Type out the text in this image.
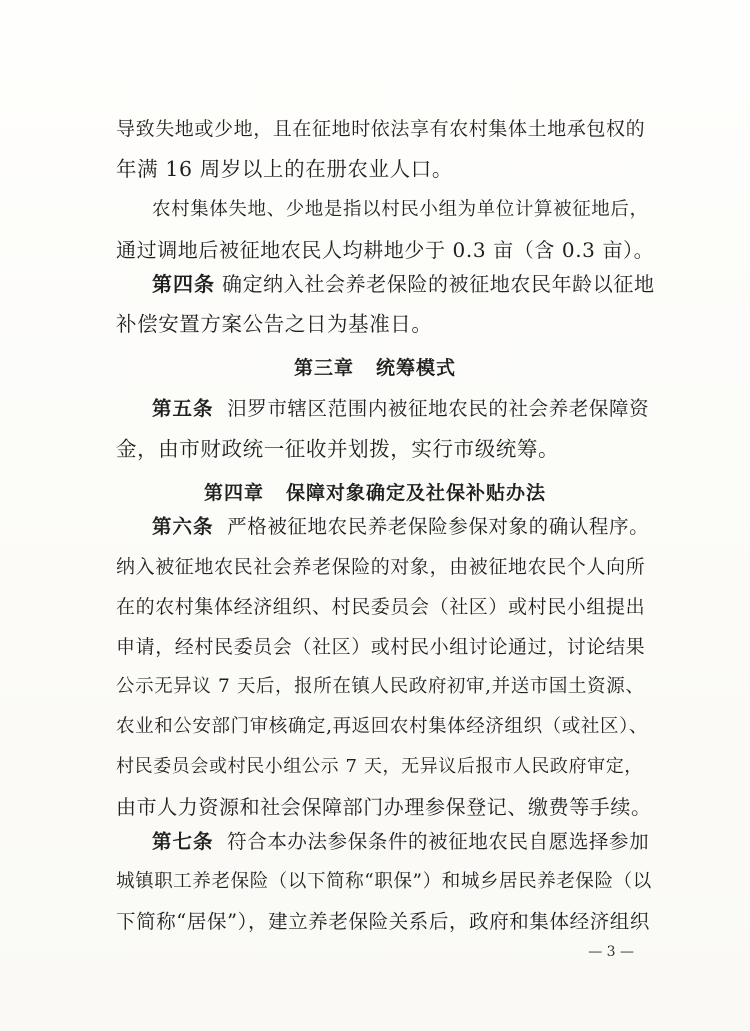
导致失地或少地，且在征地时依法享有农村集体土地承包权的
年满 16 周岁以上的在册农业人口。
农村集体失地、少地是指以村民小组为单位计算被征地后，
通过调地后被征地农民人均耕地少于 0.3 亩（含 0.3 亩）。
第四条 确定纳入社会养老保险的被征地农民年龄以征地
补偿安置方案公告之日为基准日。
第三章 统筹模式
第五条 汨罗市辖区范围内被征地农民的社会养老保障资
金，由市财政统一征收并划拨，实行市级统筹。
第四章 保障对象确定及社保补贴办法
第六条 严格被征地农民养老保险参保对象的确认程序。
纳入被征地农民社会养老保险的对象，由被征地农民个人向所
在的农村集体经济组织、村民委员会（社区）或村民小组提出
申请，经村民委员会（社区）或村民小组讨论通过，讨论结果
公示无异议 7 天后，报所在镇人民政府初审,并送市国土资源、
农业和公安部门审核确定,再返回农村集体经济组织（或社区）、
村民委员会或村民小组公示 7 天，无异议后报市人民政府审定，
由市人力资源和社会保障部门办理参保登记、缴费等手续。
第七条 符合本办法参保条件的被征地农民自愿选择参加
城镇职工养老保险（以下简称“职保”）和城乡居民养老保险（以
下简称“居保”），建立养老保险关系后，政府和集体经济组织
— 3 —
